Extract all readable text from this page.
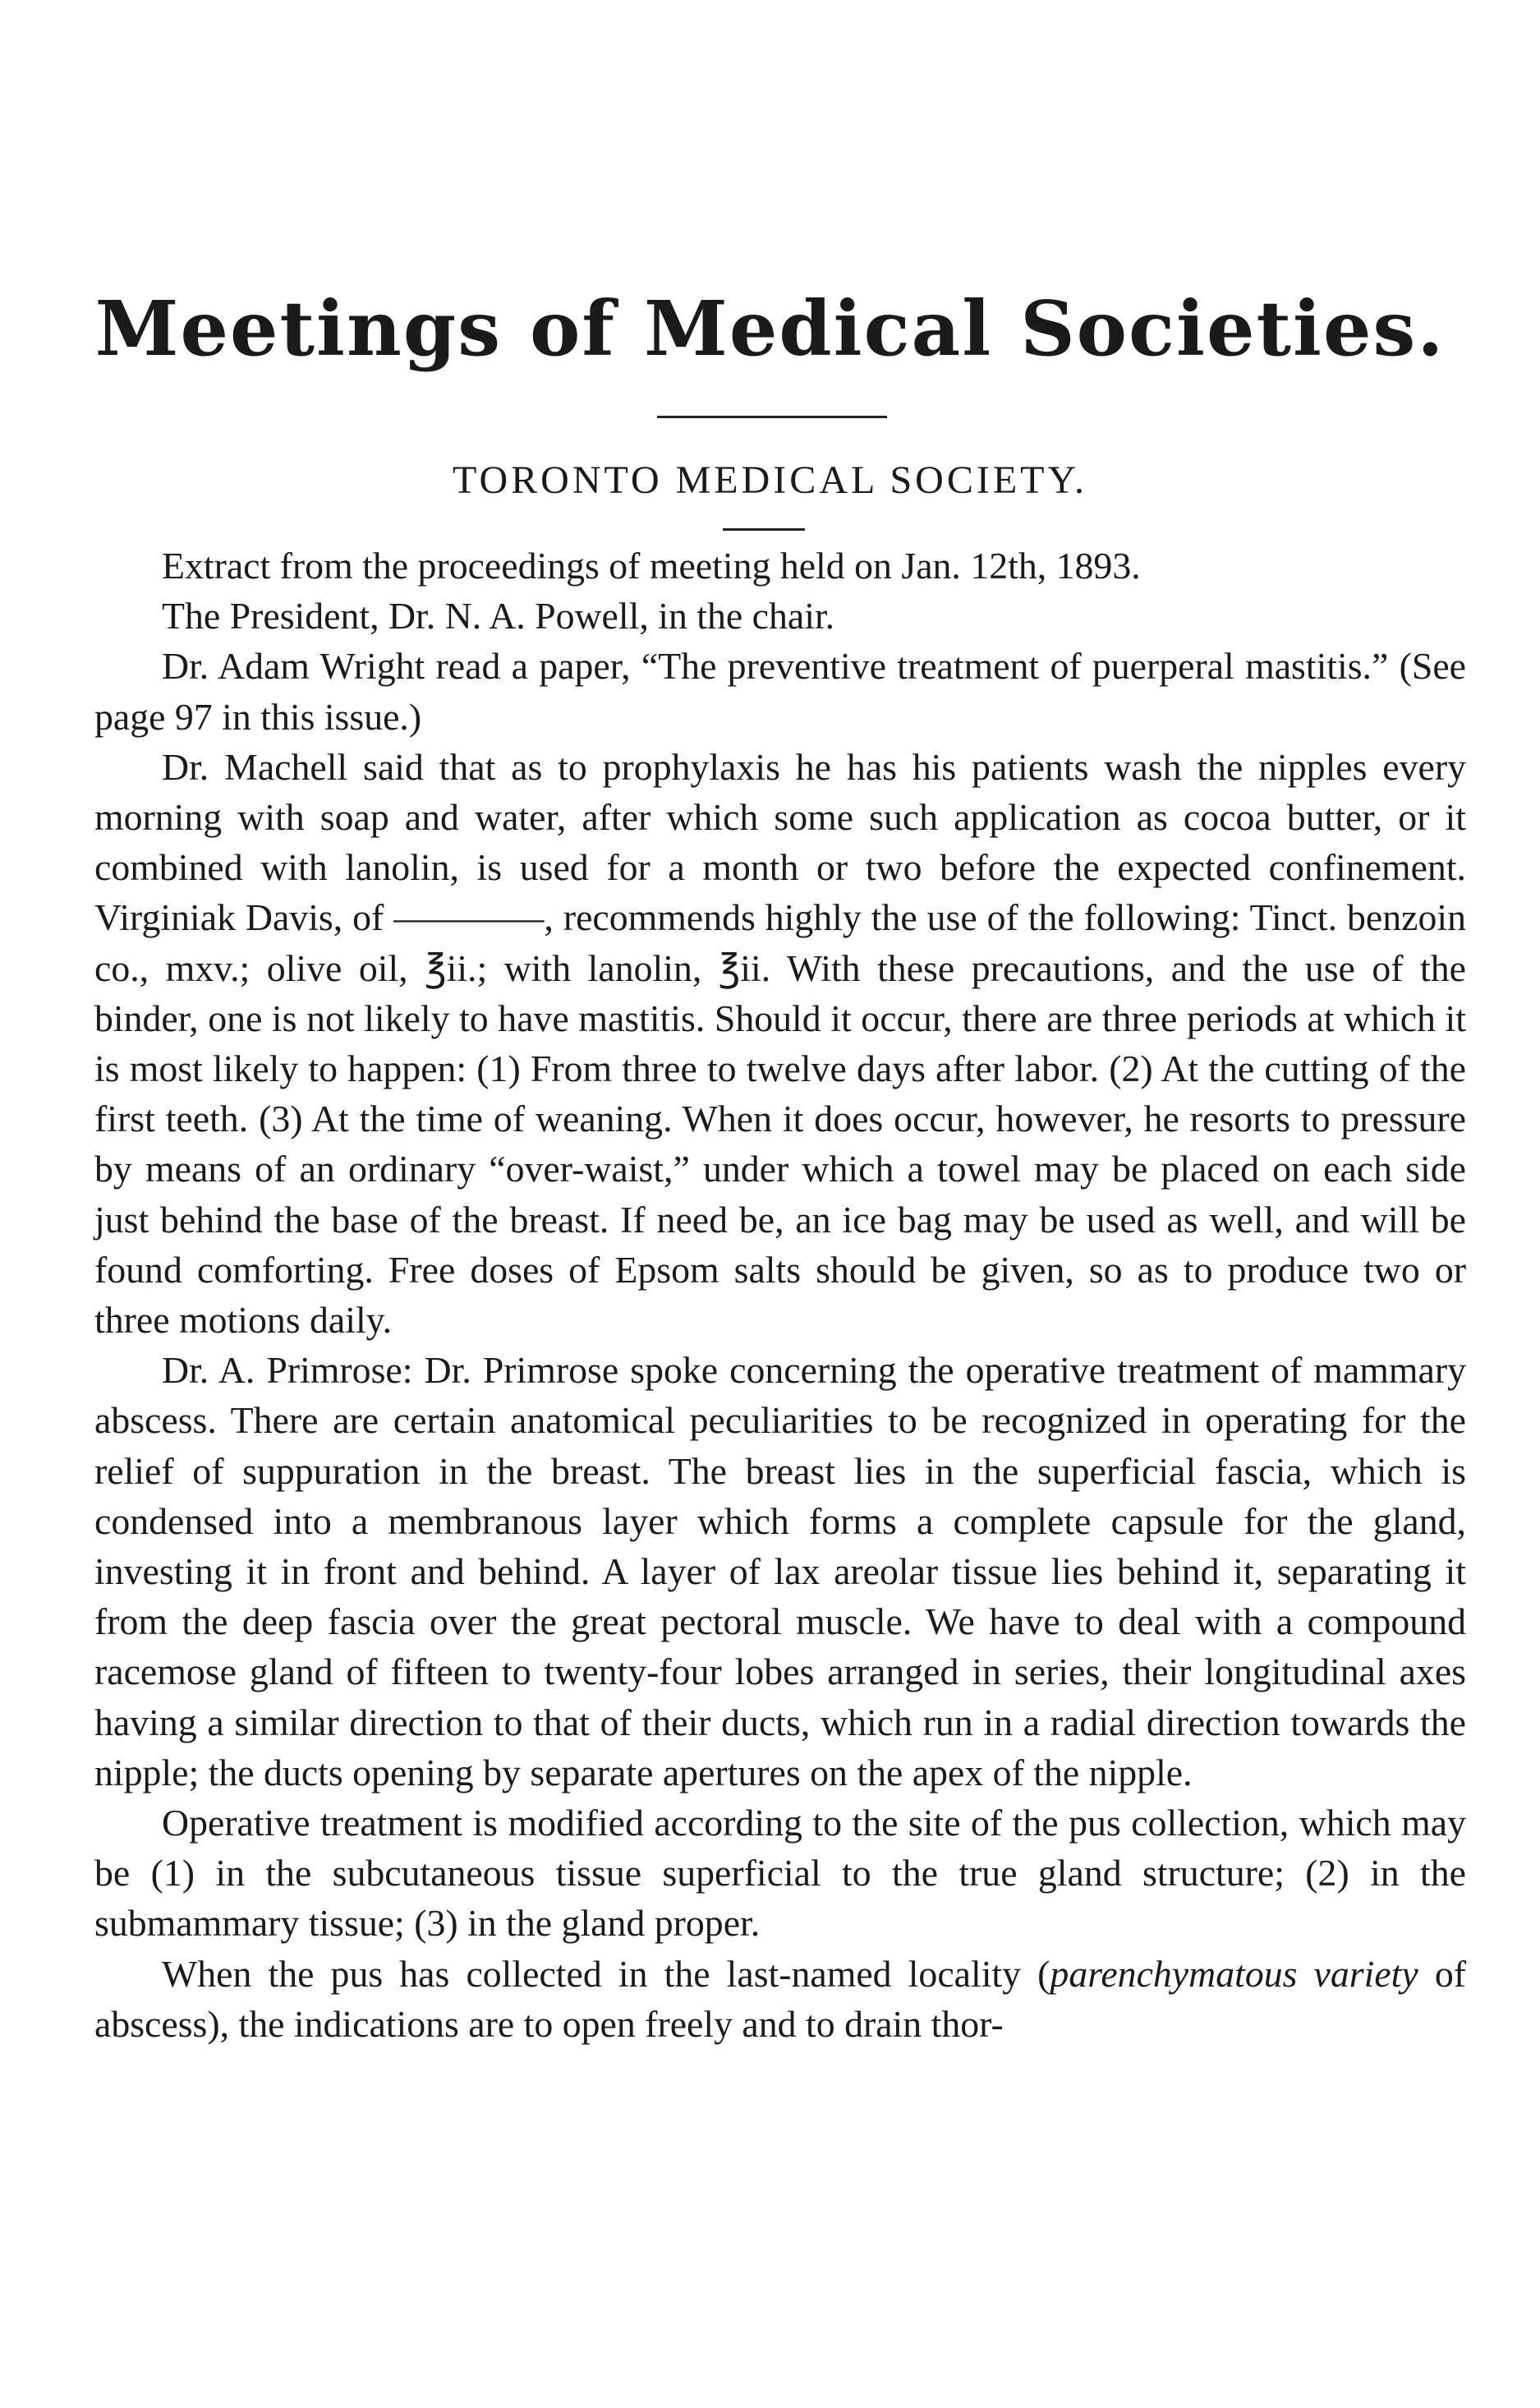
Meetings of Medical Societies.
TORONTO MEDICAL SOCIETY.

Extract from the proceedings of meeting held on Jan. 12th, 1893.

The President, Dr. N. A. Powell, in the chair.

Dr. Adam Wright read a paper, “The preventive treatment of puerperal mastitis.” (See page 97 in this issue.)

Dr. Machell said that as to prophylaxis he has his patients wash the nipples every morning with soap and water, after which some such application as cocoa butter, or it combined with lanolin, is used for a month or two before the expected confinement. Virginiak Davis, of ————, recommends highly the use of the following: Tinct. benzoin co., mxv.; olive oil, ℥ii.; with lanolin, ℥ii. With these precautions, and the use of the binder, one is not likely to have mastitis. Should it occur, there are three periods at which it is most likely to happen: (1) From three to twelve days after labor. (2) At the cutting of the first teeth. (3) At the time of weaning. When it does occur, however, he resorts to pressure by means of an ordinary “over-waist,” under which a towel may be placed on each side just behind the base of the breast. If need be, an ice bag may be used as well, and will be found comforting. Free doses of Epsom salts should be given, so as to produce two or three motions daily.

Dr. A. Primrose: Dr. Primrose spoke concerning the operative treatment of mammary abscess. There are certain anatomical peculiarities to be recognized in operating for the relief of suppuration in the breast. The breast lies in the superficial fascia, which is condensed into a membranous layer which forms a complete capsule for the gland, investing it in front and behind. A layer of lax areolar tissue lies behind it, separating it from the deep fascia over the great pectoral muscle. We have to deal with a compound racemose gland of fifteen to twenty-four lobes arranged in series, their longitudinal axes having a similar direction to that of their ducts, which run in a radial direction towards the nipple; the ducts opening by separate apertures on the apex of the nipple.

Operative treatment is modified according to the site of the pus collection, which may be (1) in the subcutaneous tissue superficial to the true gland structure; (2) in the submammary tissue; (3) in the gland proper.

When the pus has collected in the last-named locality (parenchymatous variety of abscess), the indications are to open freely and to drain thor-
